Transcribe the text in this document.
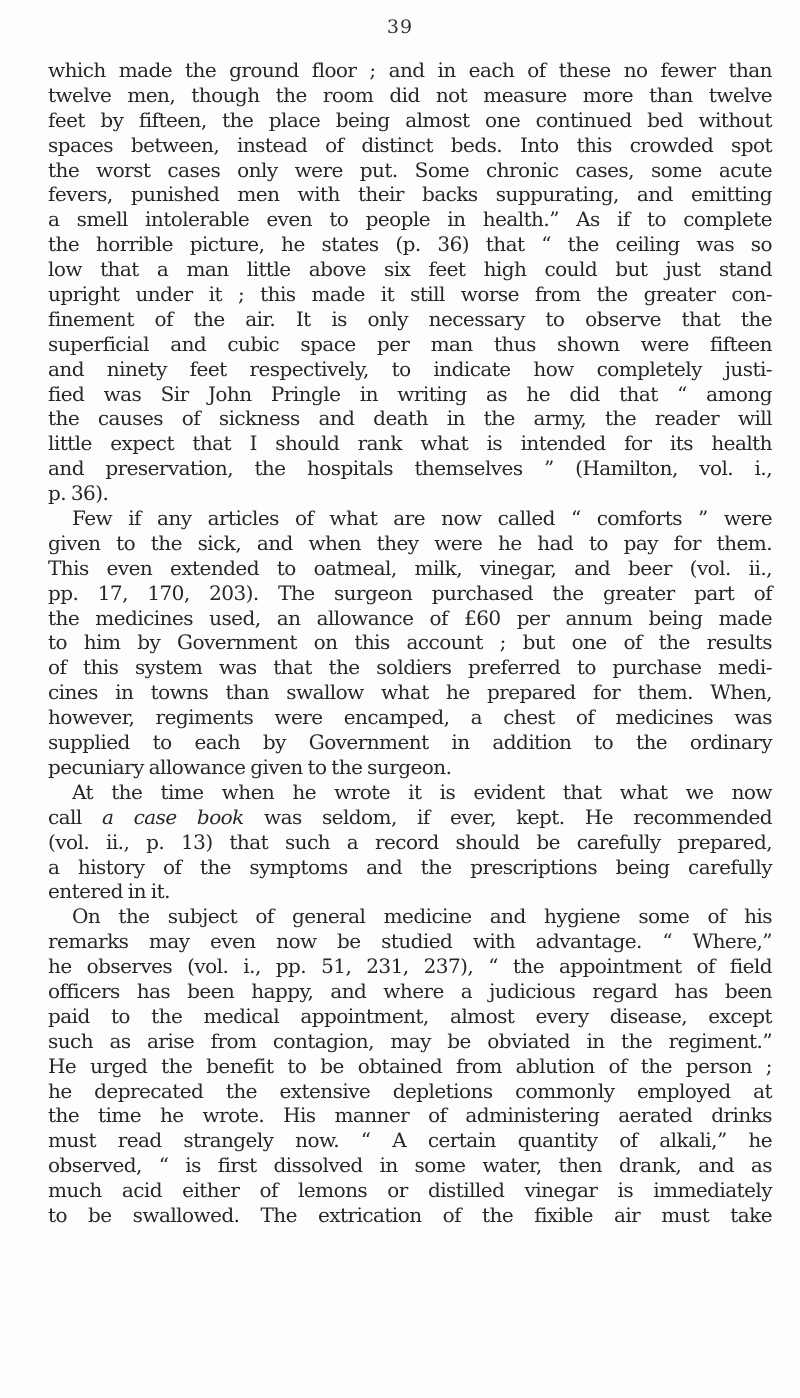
39
which made the ground floor ; and in each of these no fewer than
twelve men, though the room did not measure more than twelve
feet by fifteen, the place being almost one continued bed without
spaces between, instead of distinct beds. Into this crowded spot
the worst cases only were put. Some chronic cases, some acute
fevers, punished men with their backs suppurating, and emitting
a smell intolerable even to people in health.” As if to complete
the horrible picture, he states (p. 36) that “ the ceiling was so
low that a man little above six feet high could but just stand
upright under it ; this made it still worse from the greater con-
finement of the air. It is only necessary to observe that the
superficial and cubic space per man thus shown were fifteen
and ninety feet respectively, to indicate how completely justi-
fied was Sir John Pringle in writing as he did that “ among
the causes of sickness and death in the army, the reader will
little expect that I should rank what is intended for its health
and preservation, the hospitals themselves ” (Hamilton, vol. i.,
p. 36).
Few if any articles of what are now called “ comforts ” were
given to the sick, and when they were he had to pay for them.
This even extended to oatmeal, milk, vinegar, and beer (vol. ii.,
pp. 17, 170, 203). The surgeon purchased the greater part of
the medicines used, an allowance of £60 per annum being made
to him by Government on this account ; but one of the results
of this system was that the soldiers preferred to purchase medi-
cines in towns than swallow what he prepared for them. When,
however, regiments were encamped, a chest of medicines was
supplied to each by Government in addition to the ordinary
pecuniary allowance given to the surgeon.
At the time when he wrote it is evident that what we now
call a case book was seldom, if ever, kept. He recommended
(vol. ii., p. 13) that such a record should be carefully prepared,
a history of the symptoms and the prescriptions being carefully
entered in it.
On the subject of general medicine and hygiene some of his
remarks may even now be studied with advantage. “ Where,”
he observes (vol. i., pp. 51, 231, 237), “ the appointment of field
officers has been happy, and where a judicious regard has been
paid to the medical appointment, almost every disease, except
such as arise from contagion, may be obviated in the regiment.”
He urged the benefit to be obtained from ablution of the person ;
he deprecated the extensive depletions commonly employed at
the time he wrote. His manner of administering aerated drinks
must read strangely now. “ A certain quantity of alkali,” he
observed, “ is first dissolved in some water, then drank, and as
much acid either of lemons or distilled vinegar is immediately
to be swallowed. The extrication of the fixible air must take
